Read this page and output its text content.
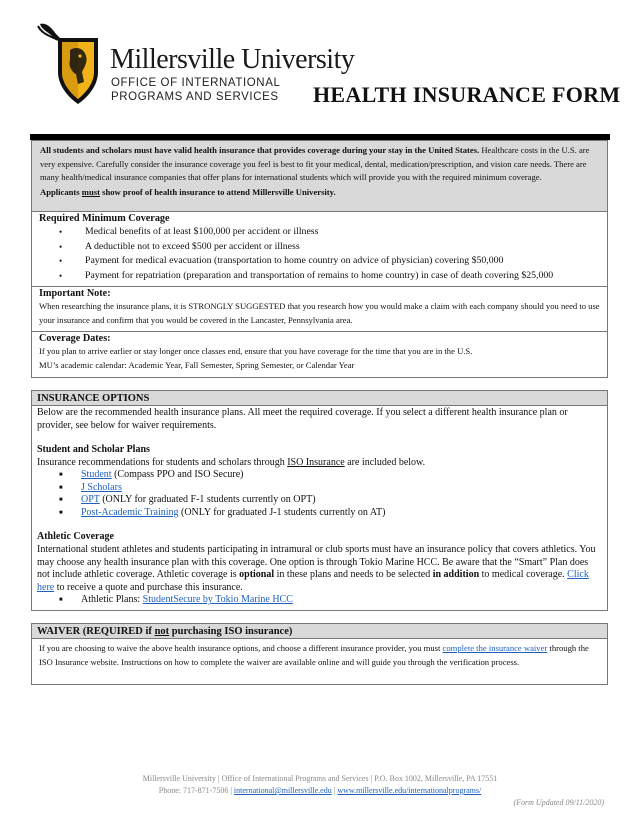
Millersville University
OFFICE OF INTERNATIONAL
PROGRAMS AND SERVICES HEALTH INSURANCE FORM
All students and scholars must have valid health insurance that provides coverage during your stay in the United States. Healthcare costs in the U.S. are very expensive. Carefully consider the insurance coverage you feel is best to fit your medical, dental, medication/prescription, and vision care needs. There are many health/medical insurance companies that offer plans for international students which will provide you with the required minimum coverage.
Applicants must show proof of health insurance to attend Millersville University.
Required Minimum Coverage
• Medical benefits of at least $100,000 per accident or illness
• A deductible not to exceed $500 per accident or illness
• Payment for medical evacuation (transportation to home country on advice of physician) covering $50,000
• Payment for repatriation (preparation and transportation of remains to home country) in case of death covering $25,000
Important Note:
When researching the insurance plans, it is STRONGLY SUGGESTED that you research how you would make a claim with each company should you need to use your insurance and confirm that you would be covered in the Lancaster, Pennsylvania area.
Coverage Dates:
If you plan to arrive earlier or stay longer once classes end, ensure that you have coverage for the time that you are in the U.S.
MU’s academic calendar: Academic Year, Fall Semester, Spring Semester, or Calendar Year
INSURANCE OPTIONS
Below are the recommended health insurance plans. All meet the required coverage. If you select a different health insurance plan or provider, see below for waiver requirements.
Student and Scholar Plans
Insurance recommendations for students and scholars through ISO Insurance are included below.
■ Student (Compass PPO and ISO Secure)
■ J Scholars
■ OPT (ONLY for graduated F-1 students currently on OPT)
■ Post-Academic Training (ONLY for graduated J-1 students currently on AT)
Athletic Coverage
International student athletes and students participating in intramural or club sports must have an insurance policy that covers athletics. You may choose any health insurance plan with this coverage. One option is through Tokio Marine HCC. Be aware that the “Smart” Plan does not include athletic coverage. Athletic coverage is optional in these plans and needs to be selected in addition to medical coverage. Click here to receive a quote and purchase this insurance.
■ Athletic Plans: StudentSecure by Tokio Marine HCC
WAIVER (REQUIRED if not purchasing ISO insurance)
If you are choosing to waive the above health insurance options, and choose a different insurance provider, you must complete the insurance waiver through the ISO Insurance website. Instructions on how to complete the waiver are available online and will guide you through the verification process.
Millersville University | Office of International Programs and Services | P.O. Box 1002, Millersville, PA 17551
Phone: 717-871-7506 | international@millersville.edu | www.millersville.edu/internationalprograms/
(Form Updated 09/11/2020)
